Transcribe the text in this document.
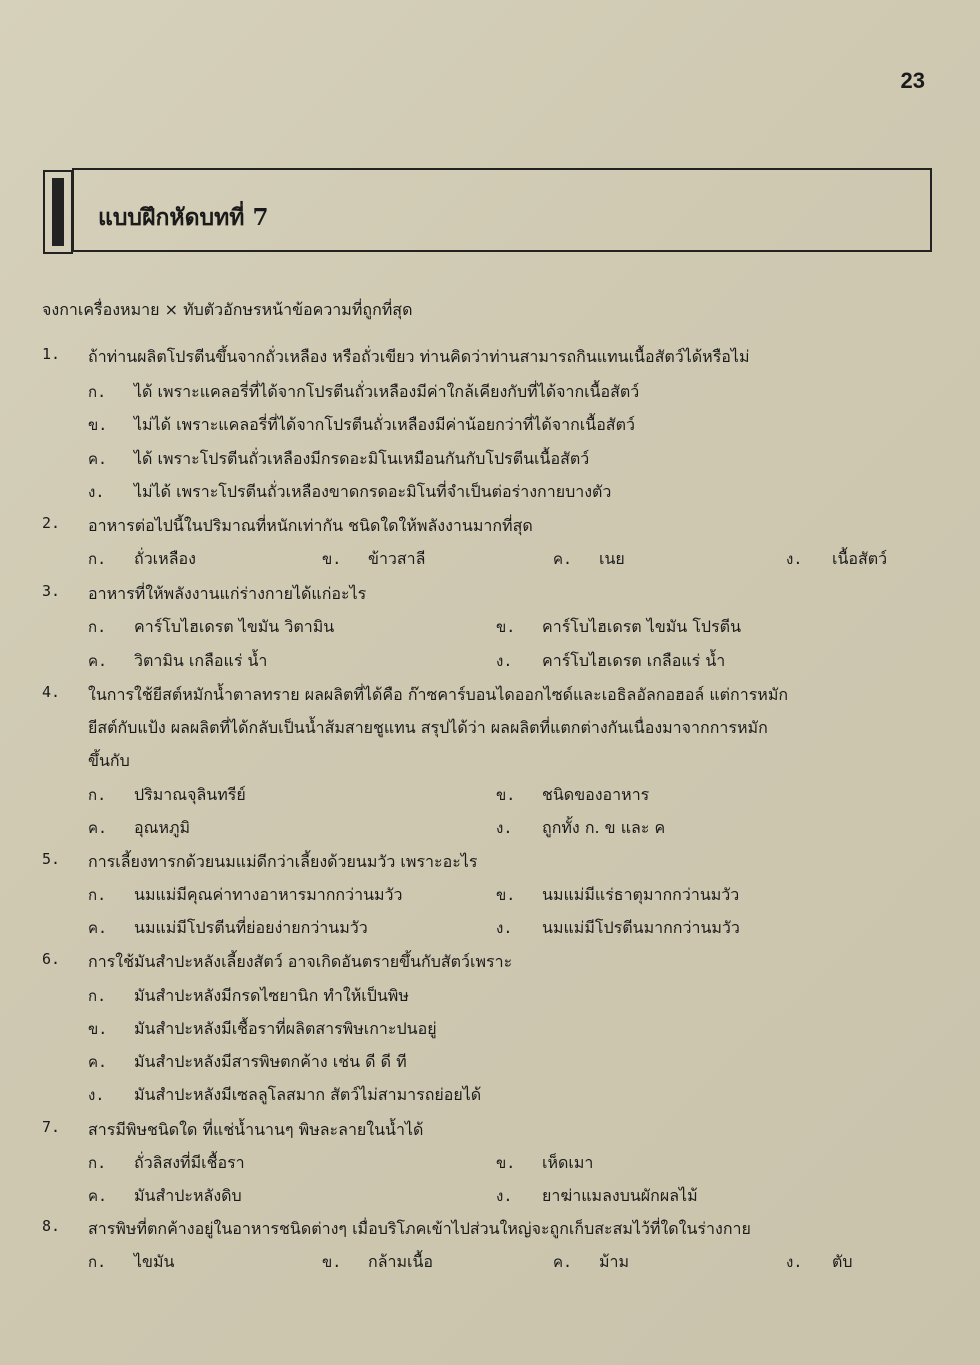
23
แบบฝึกหัดบทที่ 7
จงกาเครื่องหมาย × ทับตัวอักษรหน้าข้อความที่ถูกที่สุด
1. ถ้าท่านผลิตโปรตีนขึ้นจากถั่วเหลือง หรือถั่วเขียว ท่านคิดว่าท่านสามารถกินแทนเนื้อสัตว์ได้หรือไม่
ก. ได้ เพราะแคลอรี่ที่ได้จากโปรตีนถั่วเหลืองมีค่าใกล้เคียงกับที่ได้จากเนื้อสัตว์
ข. ไม่ได้ เพราะแคลอรี่ที่ได้จากโปรตีนถั่วเหลืองมีค่าน้อยกว่าที่ได้จากเนื้อสัตว์
ค. ได้ เพราะโปรตีนถั่วเหลืองมีกรดอะมิโนเหมือนกันกับโปรตีนเนื้อสัตว์
ง. ไม่ได้ เพราะโปรตีนถั่วเหลืองขาดกรดอะมิโนที่จำเป็นต่อร่างกายบางตัว
2. อาหารต่อไปนี้ในปริมาณที่หนักเท่ากัน ชนิดใดให้พลังงานมากที่สุด
ก. ถั่วเหลือง	ข. ข้าวสาลี	ค. เนย	ง. เนื้อสัตว์
3. อาหารที่ให้พลังงานแก่ร่างกายได้แก่อะไร
ก. คาร์โบไฮเดรต ไขมัน วิตามิน	ข. คาร์โบไฮเดรต ไขมัน โปรตีน
ค. วิตามิน เกลือแร่ น้ำ	ง. คาร์โบไฮเดรต เกลือแร่ น้ำ
4. ในการใช้ยีสต์หมักน้ำตาลทราย ผลผลิตที่ได้คือ ก๊าซคาร์บอนไดออกไซด์และเอธิลอัลกอฮอล์ แต่การหมัก
ยีสต์กับแป้ง ผลผลิตที่ได้กลับเป็นน้ำส้มสายชูแทน สรุปได้ว่า ผลผลิตที่แตกต่างกันเนื่องมาจากการหมัก
ขึ้นกับ
ก. ปริมาณจุลินทรีย์	ข. ชนิดของอาหาร
ค. อุณหภูมิ	ง. ถูกทั้ง ก. ข และ ค
5. การเลี้ยงทารกด้วยนมแม่ดีกว่าเลี้ยงด้วยนมวัว เพราะอะไร
ก. นมแม่มีคุณค่าทางอาหารมากกว่านมวัว	ข. นมแม่มีแร่ธาตุมากกว่านมวัว
ค. นมแม่มีโปรตีนที่ย่อยง่ายกว่านมวัว	ง. นมแม่มีโปรตีนมากกว่านมวัว
6. การใช้มันสำปะหลังเลี้ยงสัตว์ อาจเกิดอันตรายขึ้นกับสัตว์เพราะ
ก. มันสำปะหลังมีกรดไซยานิก ทำให้เป็นพิษ
ข. มันสำปะหลังมีเชื้อราที่ผลิตสารพิษเกาะปนอยู่
ค. มันสำปะหลังมีสารพิษตกค้าง เช่น ดี ดี ที
ง. มันสำปะหลังมีเซลลูโลสมาก สัตว์ไม่สามารถย่อยได้
7. สารมีพิษชนิดใด ที่แช่น้ำนานๆ พิษละลายในน้ำได้
ก. ถั่วลิสงที่มีเชื้อรา	ข. เห็ดเมา
ค. มันสำปะหลังดิบ	ง. ยาฆ่าแมลงบนผักผลไม้
8. สารพิษที่ตกค้างอยู่ในอาหารชนิดต่างๆ เมื่อบริโภคเข้าไปส่วนใหญ่จะถูกเก็บสะสมไว้ที่ใดในร่างกาย
ก. ไขมัน	ข. กล้ามเนื้อ	ค. ม้าม	ง. ตับ
